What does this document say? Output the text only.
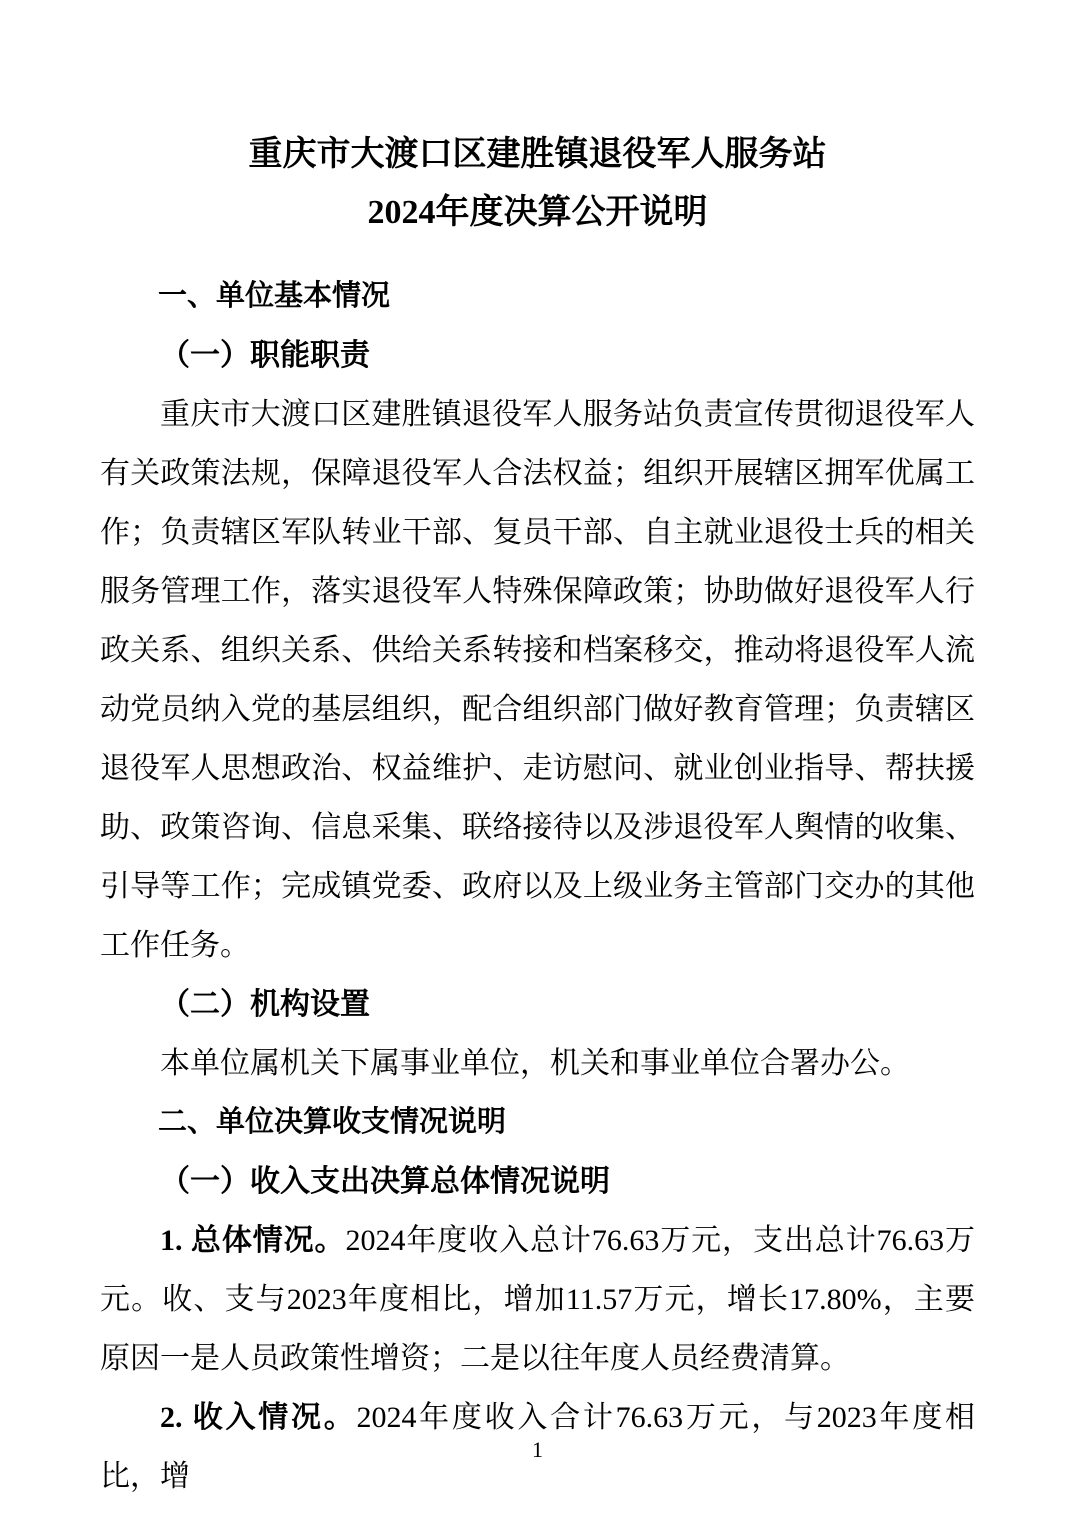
重庆市大渡口区建胜镇退役军人服务站
2024年度决算公开说明
一、单位基本情况
（一）职能职责

重庆市大渡口区建胜镇退役军人服务站负责宣传贯彻退役军人有关政策法规，保障退役军人合法权益；组织开展辖区拥军优属工作；负责辖区军队转业干部、复员干部、自主就业退役士兵的相关服务管理工作，落实退役军人特殊保障政策；协助做好退役军人行政关系、组织关系、供给关系转接和档案移交，推动将退役军人流动党员纳入党的基层组织，配合组织部门做好教育管理；负责辖区退役军人思想政治、权益维护、走访慰问、就业创业指导、帮扶援助、政策咨询、信息采集、联络接待以及涉退役军人舆情的收集、引导等工作；完成镇党委、政府以及上级业务主管部门交办的其他工作任务。

（二）机构设置

本单位属机关下属事业单位，机关和事业单位合署办公。

二、单位决算收支情况说明
（一）收入支出决算总体情况说明

1. 总体情况。2024年度收入总计76.63万元，支出总计76.63万元。收、支与2023年度相比，增加11.57万元，增长17.80%，主要原因一是人员政策性增资；二是以往年度人员经费清算。

2. 收入情况。2024年度收入合计76.63万元，与2023年度相比，增

1
